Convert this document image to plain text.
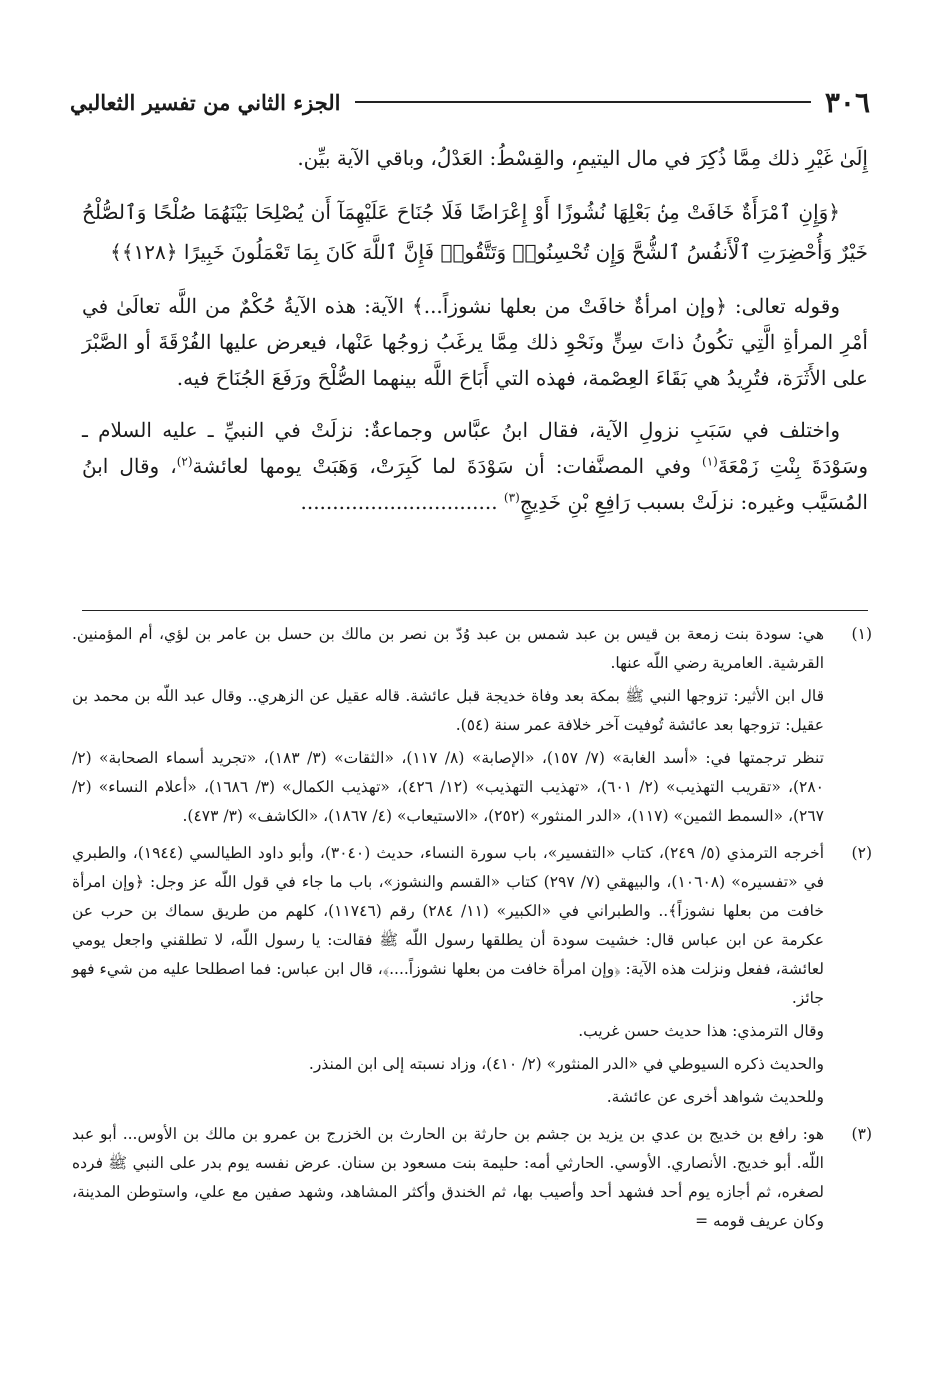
٣٠٦
الجزء الثاني من تفسير الثعالبي

إِلَىٰ غَيْرِ ذلك مِمَّا ذُكِرَ في مال اليتيمِ، والقِسْطُ: العَدْلُ، وباقي الآية بيِّن.

﴿وَإِنِ ٱمْرَأَةٌ خَافَتْ مِنۢ بَعْلِهَا نُشُوزًا أَوْ إِعْرَاضًا فَلَا جُنَاحَ عَلَيْهِمَآ أَن يُصْلِحَا بَيْنَهُمَا صُلْحًا وَٱلصُّلْحُ خَيْرٌ وَأُحْضِرَتِ ٱلْأَنفُسُ ٱلشُّحَّ وَإِن تُحْسِنُوا۟ وَتَتَّقُوا۟ فَإِنَّ ٱللَّهَ كَانَ بِمَا تَعْمَلُونَ خَبِيرًا ﴿١٢٨﴾﴾

وقوله تعالى: ﴿وإن امرأةٌ خافَتْ من بعلها نشوزاً...﴾ الآية: هذه الآيةُ حُكْمٌ من اللَّه تعالَىٰ في أمْرِ المرأةِ الَّتِي تكُونُ ذاتَ سِنٍّ ونَحْوِ ذلك مِمَّا يرغَبُ زوجُها عَنْها، فيعرض عليها الفُرْقَةَ أو الصَّبْرَ على الأَثَرَة، فتُرِيدُ هي بَقَاءَ العِصْمة، فهذه التي أَبَاحَ اللَّه بينهما الصُّلْحَ ورَفَعَ الجُنَاحَ فيه.

واختلف في سَبَبِ نزولِ الآية، فقال ابنُ عبَّاس وجماعةٌ: نزلَتْ في النبيِّ ـ عليه السلام ـ وسَوْدَةَ بِنْتِ زَمْعَةَ$^{(١)}$ وفي المصنَّفات: أن سَوْدَةَ لما كَبِرَتْ، وَهَبَتْ يومها لعائشة$^{(٢)}$، وقال ابنُ المُسَيَّب وغيره: نزلَتْ بسبب رَافِعِ بْنِ خَدِيجٍ$^{(٣)}$ ...............................

(١)

هي: سودة بنت زمعة بن قيس بن عبد شمس بن عبد وُدّ بن نصر بن مالك بن حسل بن عامر بن لؤي، أم المؤمنين. القرشية. العامرية رضي اللّه عنها.

قال ابن الأثير: تزوجها النبي ﷺ بمكة بعد وفاة خديجة قبل عائشة. قاله عقيل عن الزهري.. وقال عبد اللّه بن محمد بن عقيل: تزوجها بعد عائشة تُوفيت آخر خلافة عمر سنة (٥٤).

تنظر ترجمتها في: «أسد الغابة» (٧/ ١٥٧)، «الإصابة» (٨/ ١١٧)، «الثقات» (٣/ ١٨٣)، «تجريد أسماء الصحابة» (٢/ ٢٨٠)، «تقريب التهذيب» (٢/ ٦٠١)، «تهذيب التهذيب» (١٢/ ٤٢٦)، «تهذيب الكمال» (٣/ ١٦٨٦)، «أعلام النساء» (٢/ ٢٦٧)، «السمط الثمين» (١١٧)، «الدر المنثور» (٢٥٢)، «الاستيعاب» (٤/ ١٨٦٧)، «الكاشف» (٣/ ٤٧٣).

(٢)

أخرجه الترمذي (٥/ ٢٤٩)، كتاب «التفسير»، باب سورة النساء، حديث (٣٠٤٠)، وأبو داود الطيالسي (١٩٤٤)، والطبري في «تفسيره» (١٠٦٠٨)، والبيهقي (٧/ ٢٩٧) كتاب «القسم والنشوز»، باب ما جاء في قول اللّه عز وجل: ﴿وإن امرأة خافت من بعلها نشوزاً﴾.. والطبراني في «الكبير» (١١/ ٢٨٤) رقم (١١٧٤٦)، كلهم من طريق سماك بن حرب عن عكرمة عن ابن عباس قال: خشيت سودة أن يطلقها رسول اللّه ﷺ فقالت: يا رسول اللّه، لا تطلقني واجعل يومي لعائشة، ففعل ونزلت هذه الآية: ﴿وإن امرأة خافت من بعلها نشوزاً....﴾، قال ابن عباس: فما اصطلحا عليه من شيء فهو جائز.

وقال الترمذي: هذا حديث حسن غريب.

والحديث ذكره السيوطي في «الدر المنثور» (٢/ ٤١٠)، وزاد نسبته إلى ابن المنذر.

وللحديث شواهد أخرى عن عائشة.

(٣)

هو: رافع بن خديج بن عدي بن يزيد بن جشم بن حارثة بن الحارث بن الخزرج بن عمرو بن مالك بن الأوس... أبو عبد اللّه. أبو خديج. الأنصاري. الأوسي. الحارثي أمه: حليمة بنت مسعود بن سنان. عرض نفسه يوم بدر على النبي ﷺ فرده لصغره، ثم أجازه يوم أحد فشهد أحد وأصيب بها، ثم الخندق وأكثر المشاهد، وشهد صفين مع علي، واستوطن المدينة، وكان عريف قومه =
